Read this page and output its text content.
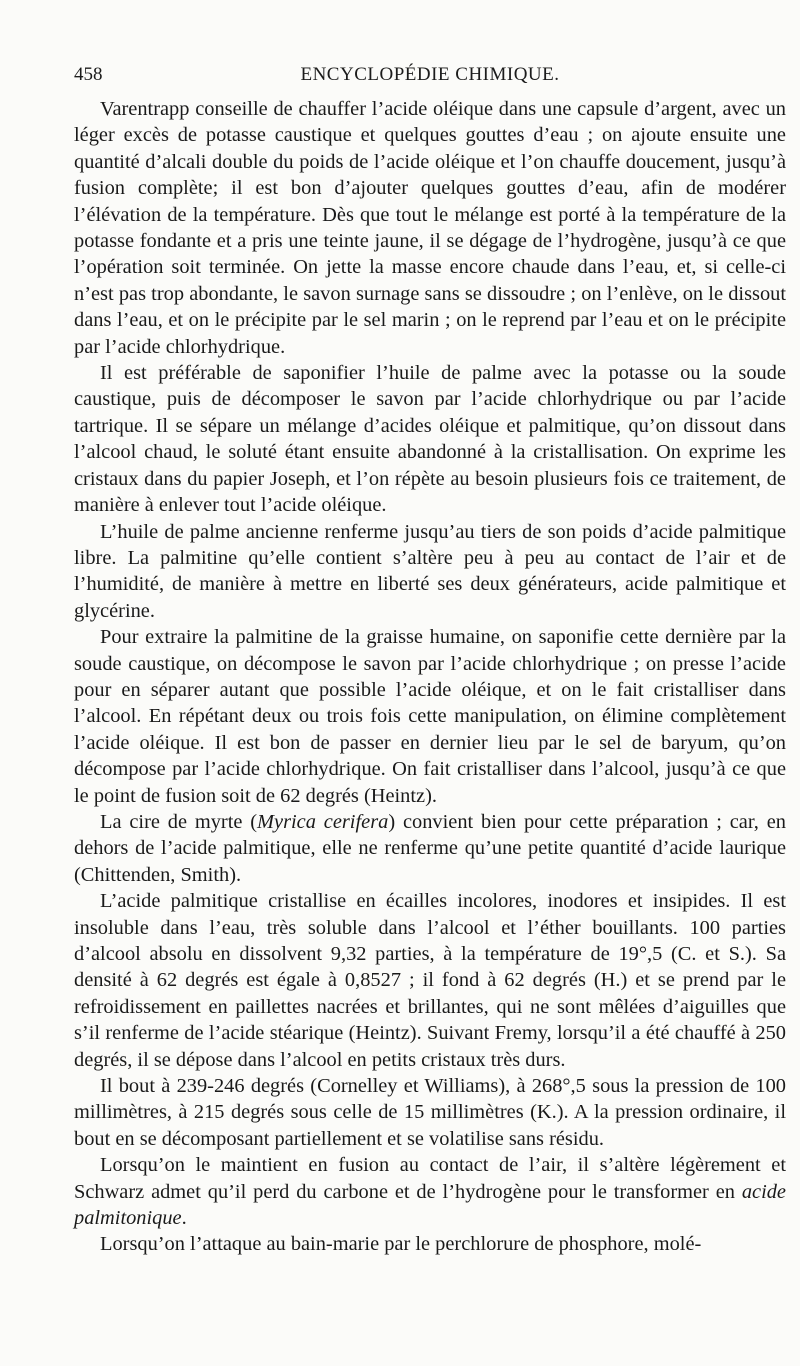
458	ENCYCLOPÉDIE CHIMIQUE.

Varentrapp conseille de chauffer l’acide oléique dans une capsule d’argent, avec un léger excès de potasse caustique et quelques gouttes d’eau ; on ajoute ensuite une quantité d’alcali double du poids de l’acide oléique et l’on chauffe doucement, jusqu’à fusion complète; il est bon d’ajouter quelques gouttes d’eau, afin de modérer l’élévation de la température. Dès que tout le mélange est porté à la température de la potasse fondante et a pris une teinte jaune, il se dégage de l’hydrogène, jusqu’à ce que l’opération soit terminée. On jette la masse encore chaude dans l’eau, et, si celle-ci n’est pas trop abondante, le savon surnage sans se dissoudre ; on l’enlève, on le dissout dans l’eau, et on le précipite par le sel marin ; on le reprend par l’eau et on le précipite par l’acide chlorhydrique.

Il est préférable de saponifier l’huile de palme avec la potasse ou la soude caustique, puis de décomposer le savon par l’acide chlorhydrique ou par l’acide tartrique. Il se sépare un mélange d’acides oléique et palmitique, qu’on dissout dans l’alcool chaud, le soluté étant ensuite abandonné à la cristallisation. On exprime les cristaux dans du papier Joseph, et l’on répète au besoin plusieurs fois ce traitement, de manière à enlever tout l’acide oléique.

L’huile de palme ancienne renferme jusqu’au tiers de son poids d’acide palmitique libre. La palmitine qu’elle contient s’altère peu à peu au contact de l’air et de l’humidité, de manière à mettre en liberté ses deux générateurs, acide palmitique et glycérine.

Pour extraire la palmitine de la graisse humaine, on saponifie cette dernière par la soude caustique, on décompose le savon par l’acide chlorhydrique ; on presse l’acide pour en séparer autant que possible l’acide oléique, et on le fait cristalliser dans l’alcool. En répétant deux ou trois fois cette manipulation, on élimine complètement l’acide oléique. Il est bon de passer en dernier lieu par le sel de baryum, qu’on décompose par l’acide chlorhydrique. On fait cristalliser dans l’alcool, jusqu’à ce que le point de fusion soit de 62 degrés (Heintz).

La cire de myrte (Myrica cerifera) convient bien pour cette préparation ; car, en dehors de l’acide palmitique, elle ne renferme qu’une petite quantité d’acide laurique (Chittenden, Smith).

L’acide palmitique cristallise en écailles incolores, inodores et insipides. Il est insoluble dans l’eau, très soluble dans l’alcool et l’éther bouillants. 100 parties d’alcool absolu en dissolvent 9,32 parties, à la température de 19°,5 (C. et S.). Sa densité à 62 degrés est égale à 0,8527 ; il fond à 62 degrés (H.) et se prend par le refroidissement en paillettes nacrées et brillantes, qui ne sont mêlées d’aiguilles que s’il renferme de l’acide stéarique (Heintz). Suivant Fremy, lorsqu’il a été chauffé à 250 degrés, il se dépose dans l’alcool en petits cristaux très durs.

Il bout à 239-246 degrés (Cornelley et Williams), à 268°,5 sous la pression de 100 millimètres, à 215 degrés sous celle de 15 millimètres (K.). A la pression ordinaire, il bout en se décomposant partiellement et se volatilise sans résidu.

Lorsqu’on le maintient en fusion au contact de l’air, il s’altère légèrement et Schwarz admet qu’il perd du carbone et de l’hydrogène pour le transformer en acide palmitonique.

Lorsqu’on l’attaque au bain-marie par le perchlorure de phosphore, molé-
